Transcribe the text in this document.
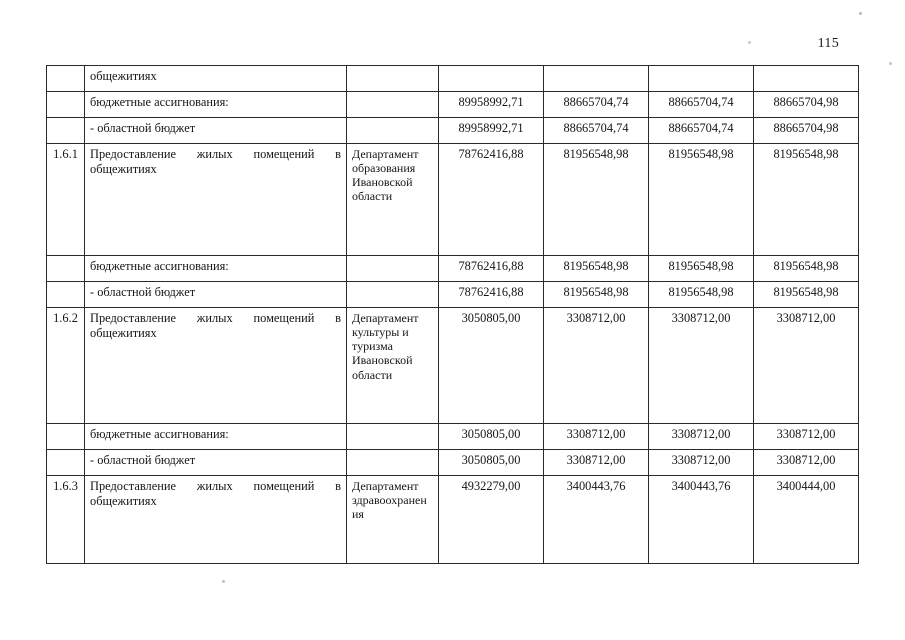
115
	общежитиях					
	бюджетные ассигнования:		89958992,71	88665704,74	88665704,74	88665704,98
	- областной бюджет		89958992,71	88665704,74	88665704,74	88665704,98
1.6.1	Предоставление жилых помещений в общежитиях	Департамент образования Ивановской области	78762416,88	81956548,98	81956548,98	81956548,98
	бюджетные ассигнования:		78762416,88	81956548,98	81956548,98	81956548,98
	- областной бюджет		78762416,88	81956548,98	81956548,98	81956548,98
1.6.2	Предоставление жилых помещений в общежитиях	Департамент культуры и туризма Ивановской области	3050805,00	3308712,00	3308712,00	3308712,00
	бюджетные ассигнования:		3050805,00	3308712,00	3308712,00	3308712,00
	- областной бюджет		3050805,00	3308712,00	3308712,00	3308712,00
1.6.3	Предоставление жилых помещений в общежитиях	Департамент здравоохранения	4932279,00	3400443,76	3400443,76	3400444,00
